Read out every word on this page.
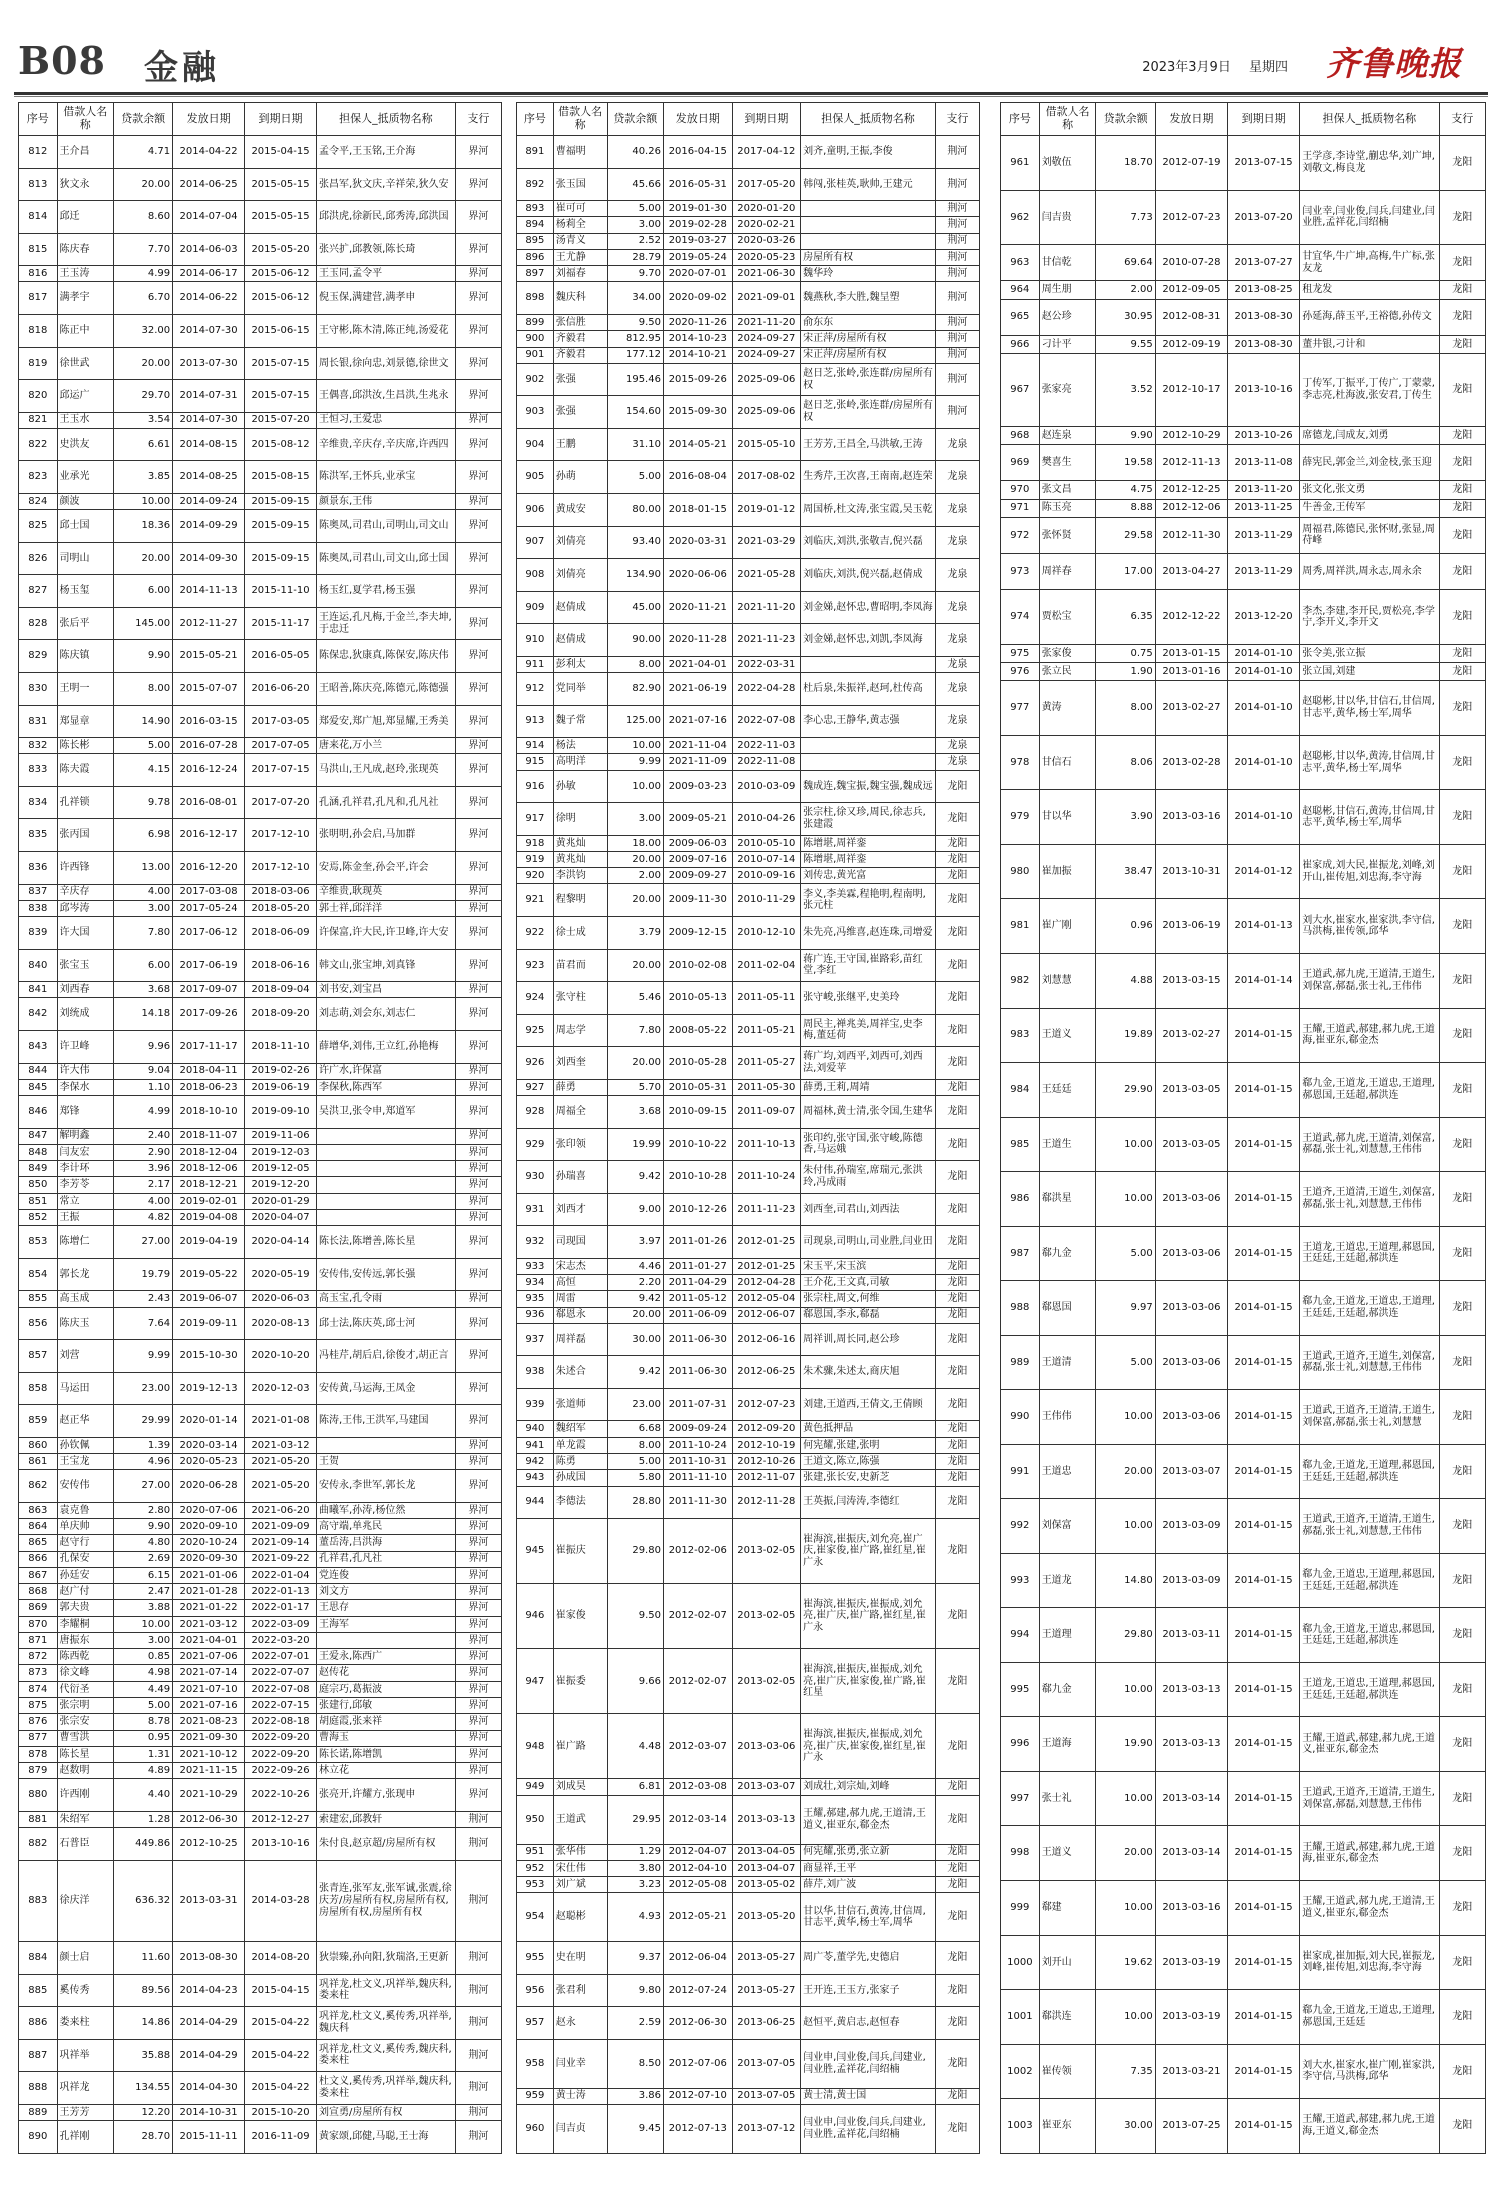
B08 金融	2023年3月9日 星期四 齐鲁晚报
序号	借款人名称	贷款余额	发放日期	到期日期	担保人_抵质物名称	支行
812	王介昌	4.71	2014-04-22	2015-04-15	孟令平,王玉铭,王介海	界河
813	狄文永	20.00	2014-06-25	2015-05-15	张昌军,狄文庆,辛祥荣,狄久安	界河
814	邱迁	8.60	2014-07-04	2015-05-15	邱洪虎,徐新民,邱秀涛,邱洪国	界河
815	陈庆春	7.70	2014-06-03	2015-05-20	张兴扩,邱教领,陈长琦	界河
816	王玉涛	4.99	2014-06-17	2015-06-12	王玉同,孟令平	界河
817	满孝宇	6.70	2014-06-22	2015-06-12	倪玉保,满建营,满孝申	界河
818	陈正中	32.00	2014-07-30	2015-06-15	王守彬,陈木清,陈正纯,汤爱花	界河
819	徐世武	20.00	2013-07-30	2015-07-15	周长银,徐向忠,刘景德,徐世文	界河
820	邱运广	29.70	2014-07-31	2015-07-15	王偶喜,邱洪汝,生昌洪,生兆永	界河
821	王玉水	3.54	2014-07-30	2015-07-20	王恒习,王爱忠	界河
822	史洪友	6.61	2014-08-15	2015-08-12	辛维贵,辛庆存,辛庆席,许西四	界河
823	业承光	3.85	2014-08-25	2015-08-15	陈洪军,王怀兵,业承宝	界河
824	颜波	10.00	2014-09-24	2015-09-15	颜景东,王伟	界河
825	邱士国	18.36	2014-09-29	2015-09-15	陈奥凤,司君山,司明山,司文山	界河
826	司明山	20.00	2014-09-30	2015-09-15	陈奥凤,司君山,司文山,邱士国	界河
827	杨玉玺	6.00	2014-11-13	2015-11-10	杨玉红,夏学君,杨玉强	界河
828	张后平	145.00	2012-11-27	2015-11-17	王连运,孔凡梅,于金兰,李夫坤,于忠迁	界河
829	陈庆镇	9.90	2015-05-21	2016-05-05	陈保忠,狄康真,陈保安,陈庆伟	界河
830	王明一	8.00	2015-07-07	2016-06-20	王昭善,陈庆亮,陈德元,陈德强	界河
831	郑显章	14.90	2016-03-15	2017-03-05	郑爱安,郑广旭,郑显耀,王秀美	界河
832	陈长彬	5.00	2016-07-28	2017-07-05	唐来花,万小兰	界河
833	陈夫霞	4.15	2016-12-24	2017-07-15	马洪山,王凡成,赵玲,张现英	界河
834	孔祥锁	9.78	2016-08-01	2017-07-20	孔涵,孔祥君,孔凡和,孔凡社	界河
835	张丙国	6.98	2016-12-17	2017-12-10	张明明,孙会启,马加群	界河
836	许西锋	13.00	2016-12-20	2017-12-10	安焉,陈金奎,孙会平,许会	界河
837	辛庆存	4.00	2017-03-08	2018-03-06	辛维贵,耿现英	界河
838	邱岑涛	3.00	2017-05-24	2018-05-20	郭士祥,邱洋洋	界河
839	许大国	7.80	2017-06-12	2018-06-09	许保富,许大民,许卫峰,许大安	界河
840	张宝玉	6.00	2017-06-19	2018-06-16	韩文山,张宝坤,刘真锋	界河
841	刘西春	3.68	2017-09-07	2018-09-04	刘书安,刘宝昌	界河
842	刘统成	14.18	2017-09-26	2018-09-20	刘志萌,刘会东,刘志仁	界河
843	许卫峰	9.96	2017-11-17	2018-11-10	薛增华,刘伟,王立红,孙艳梅	界河
844	许大伟	9.04	2018-04-11	2019-02-26	许广水,许保富	界河
845	李保水	1.10	2018-06-23	2019-06-19	李保秋,陈西军	界河
846	郑锋	4.99	2018-10-10	2019-09-10	吴洪卫,张令申,郑道军	界河
847	解明鑫	2.40	2018-11-07	2019-11-06		界河
848	闫友宏	2.90	2018-12-04	2019-12-03		界河
849	李计环	3.96	2018-12-06	2019-12-05		界河
850	李芳苓	2.17	2018-12-21	2019-12-20		界河
851	常立	4.00	2019-02-01	2020-01-29		界河
852	王振	4.82	2019-04-08	2020-04-07		界河
853	陈增仁	27.00	2019-04-19	2020-04-14	陈长法,陈增善,陈长星	界河
854	郭长龙	19.79	2019-05-22	2020-05-19	安传伟,安传远,郭长强	界河
855	高玉成	2.43	2019-06-07	2020-06-03	高玉宝,孔令雨	界河
856	陈庆玉	7.64	2019-09-11	2020-08-13	邱士法,陈庆英,邱士河	界河
857	刘营	9.99	2015-10-30	2020-10-20	冯桂芹,胡后启,徐俊才,胡正言	界河
858	马运田	23.00	2019-12-13	2020-12-03	安传黄,马运海,王凤金	界河
859	赵正华	29.99	2020-01-14	2021-01-08	陈涛,王伟,王洪军,马建国	界河
860	孙钦佩	1.39	2020-03-14	2021-03-12		界河
861	王宝龙	4.96	2020-05-23	2021-05-20	王贺	界河
862	安传伟	27.00	2020-06-28	2021-05-20	安传永,李世军,郭长龙	界河
863	袁克鲁	2.80	2020-07-06	2021-06-20	曲曦军,孙涛,杨位然	界河
864	单庆帅	9.90	2020-09-10	2021-09-09	高守端,单兆民	界河
865	赵守行	4.80	2020-10-24	2021-09-14	董岳涛,吕洪海	界河
866	孔保安	2.69	2020-09-30	2021-09-22	孔祥君,孔凡社	界河
867	孙廷安	6.15	2021-01-06	2022-01-04	党连俊	界河
868	赵广付	2.47	2021-01-28	2022-01-13	刘文方	界河
869	郭夫贵	3.88	2021-01-22	2022-01-17	王思存	界河
870	李耀桐	10.00	2021-03-12	2022-03-09	王海军	界河
871	唐振东	3.00	2021-04-01	2022-03-20		界河
872	陈西乾	0.85	2021-07-06	2022-07-01	王爱永,陈西广	界河
873	徐文峰	4.98	2021-07-14	2022-07-07	赵传花	界河
874	代衍圣	4.49	2021-07-10	2022-07-08	庭宗巧,葛振波	界河
875	张宗明	5.00	2021-07-16	2022-07-15	张建行,邱敏	界河
876	张宗安	8.78	2021-08-23	2022-08-18	胡庭霞,张来祥	界河
877	曹雪洪	0.95	2021-09-30	2022-09-20	曹海玉	界河
878	陈长星	1.31	2021-10-12	2022-09-20	陈长诺,陈增凯	界河
879	赵数明	4.89	2021-11-15	2022-09-26	林立花	界河
880	许西刚	4.40	2021-10-29	2022-10-26	张亮开,许耀方,张现申	界河
881	朱绍军	1.28	2012-06-30	2012-12-27	索建宏,邱教轩	荆河
882	石普臣	449.86	2012-10-25	2013-10-16	朱付良,赵京超/房屋所有权	荆河
883	徐庆洋	636.32	2013-03-31	2014-03-28	张青连,张军友,张军诚,张震,徐庆芳/房屋所有权,房屋所有权,房屋所有权,房屋所有权	荆河
884	颜士启	11.60	2013-08-30	2014-08-20	狄崇臻,孙向阳,狄瑞洛,王更新	荆河
885	奚传秀	89.56	2014-04-23	2015-04-15	巩祥龙,杜文义,巩祥举,魏庆科,娄来柱	荆河
886	娄来柱	14.86	2014-04-29	2015-04-22	巩祥龙,杜文义,奚传秀,巩祥举,魏庆科	荆河
887	巩祥举	35.88	2014-04-29	2015-04-22	巩祥龙,杜文义,奚传秀,魏庆科,娄来柱	荆河
888	巩祥龙	134.55	2014-04-30	2015-04-22	杜文义,奚传秀,巩祥举,魏庆科,娄来柱	荆河
889	王芳芳	12.20	2014-10-31	2015-10-20	刘宣勇/房屋所有权	荆河
890	孔祥刚	28.70	2015-11-11	2016-11-09	黄家颂,邱健,马聪,王士海	荆河
序号	借款人名称	贷款余额	发放日期	到期日期	担保人_抵质物名称	支行
891	曹福明	40.26	2016-04-15	2017-04-12	刘齐,童明,王振,李俊	荆河
892	张玉国	45.66	2016-05-31	2017-05-20	韩闯,张桂英,耿帅,王建元	荆河
893	崔可可	5.00	2019-01-30	2020-01-20		荆河
894	杨莉全	3.00	2019-02-28	2020-02-21		荆河
895	汤青义	2.52	2019-03-27	2020-03-26		荆河
896	王尤静	28.79	2019-05-24	2020-05-23	房屋所有权	荆河
897	刘福春	9.70	2020-07-01	2021-06-30	魏华玲	荆河
898	魏庆科	34.00	2020-09-02	2021-09-01	魏燕秋,李大胜,魏呈塑	荆河
899	张信胜	9.50	2020-11-26	2021-11-20	俞东东	荆河
900	齐毅君	812.95	2014-10-23	2024-09-27	宋正萍/房屋所有权	荆河
901	齐毅君	177.12	2014-10-21	2024-09-27	宋正萍/房屋所有权	荆河
902	张强	195.46	2015-09-26	2025-09-06	赵日芝,张岭,张连群/房屋所有权	荆河
903	张强	154.60	2015-09-30	2025-09-06	赵日芝,张岭,张连群/房屋所有权	荆河
904	王鹏	31.10	2014-05-21	2015-05-10	王芳芳,王昌全,马洪敏,王涛	龙泉
905	孙萌	5.00	2016-08-04	2017-08-02	生秀芹,王次喜,王南南,赵连荣	龙泉
906	黄成安	80.00	2018-01-15	2019-01-12	周国桥,杜文涛,张宝霞,吴玉乾	龙泉
907	刘倩亮	93.40	2020-03-31	2021-03-29	刘临庆,刘洪,张敬吉,倪兴磊	龙泉
908	刘倩亮	134.90	2020-06-06	2021-05-28	刘临庆,刘洪,倪兴磊,赵倩成	龙泉
909	赵倩成	45.00	2020-11-21	2021-11-20	刘金娣,赵怀忠,曹昭明,李凤海	龙泉
910	赵倩成	90.00	2020-11-28	2021-11-23	刘金娣,赵怀忠,刘凯,李凤海	龙泉
911	彭利太	8.00	2021-04-01	2022-03-31		龙泉
912	党同举	82.90	2021-06-19	2022-04-28	杜后泉,朱振祥,赵珂,杜传高	龙泉
913	魏子常	125.00	2021-07-16	2022-07-08	李心忠,王静华,黄志强	龙泉
914	杨法	10.00	2021-11-04	2022-11-03		龙泉
915	高明洋	9.99	2021-11-09	2022-11-08		龙泉
916	孙敏	10.00	2009-03-23	2010-03-09	魏成连,魏宝振,魏宝强,魏成远	龙阳
917	徐明	3.00	2009-05-21	2010-04-26	张宗柱,徐又珍,周民,徐志兵,张建霞	龙阳
918	黄兆灿	18.00	2009-06-03	2010-05-10	陈增堪,周祥銮	龙阳
919	黄兆灿	20.00	2009-07-16	2010-07-14	陈增堪,周祥銮	龙阳
920	李洪钧	2.00	2009-09-27	2010-09-16	刘传忠,黄光富	龙阳
921	程黎明	20.00	2009-11-30	2010-11-29	李义,李美霖,程艳明,程南明,张元柱	龙阳
922	徐士成	3.79	2009-12-15	2010-12-10	朱先亮,冯维喜,赵连珠,司增爱	龙阳
923	苗君而	20.00	2010-02-08	2011-02-04	蒋广连,王守国,崔路彩,苗红堂,李红	龙阳
924	张守柱	5.46	2010-05-13	2011-05-11	张守峻,张继平,史美玲	龙阳
925	周志学	7.80	2008-05-22	2011-05-21	周民主,禅兆美,周祥宝,史李梅,董廷荷	龙阳
926	刘西奎	20.00	2010-05-28	2011-05-27	蒋广均,刘西平,刘西可,刘西法,刘爱苹	龙阳
927	薛勇	5.70	2010-05-31	2011-05-30	薛勇,王莉,周靖	龙阳
928	周福全	3.68	2010-09-15	2011-09-07	周福林,黄士清,张令国,生建华	龙阳
929	张印领	19.99	2010-10-22	2011-10-13	张印约,张守国,张守峻,陈德香,马运娥	龙阳
930	孙瑞喜	9.42	2010-10-28	2011-10-24	朱付伟,孙瑞室,席瑞元,张洪玲,冯成雨	龙阳
931	刘西才	9.00	2010-12-26	2011-11-23	刘西奎,司君山,刘西法	龙阳
932	司现国	3.97	2011-01-26	2012-01-25	司现泉,司明山,司业胜,闫业田	龙阳
933	宋志杰	4.46	2011-01-27	2012-01-25	宋玉平,宋玉滨	龙阳
934	高恒	2.20	2011-04-29	2012-04-28	王介花,王文真,司敏	龙阳
935	周雷	9.42	2011-05-12	2012-05-04	张宗柱,周文,何维	龙阳
936	郗恩永	20.00	2011-06-09	2012-06-07	郗恩国,李永,郗磊	龙阳
937	周祥磊	30.00	2011-06-30	2012-06-16	周祥训,周长同,赵公珍	龙阳
938	朱述合	9.42	2011-06-30	2012-06-25	朱术骤,朱述太,商庆旭	龙阳
939	张道师	23.00	2011-07-31	2012-07-23	刘建,王道西,王倩文,王倩顾	龙阳
940	魏绍军	6.68	2009-09-24	2012-09-20	黄色抵押品	龙阳
941	单龙霞	8.00	2011-10-24	2012-10-19	何宪耀,张建,张明	龙阳
942	陈勇	5.00	2011-10-31	2012-10-26	王道文,陈立,陈强	龙阳
943	孙成国	5.80	2011-11-10	2012-11-07	张建,张长安,史新芝	龙阳
944	李德法	28.80	2011-11-30	2012-11-28	王英振,闫涛涛,李德红	龙阳
945	崔振庆	29.80	2012-02-06	2013-02-05	崔海滨,崔振庆,刘允亮,崔广庆,崔家俊,崔广路,崔红星,崔广永	龙阳
946	崔家俊	9.50	2012-02-07	2013-02-05	崔海滨,崔振庆,崔振成,刘允亮,崔广庆,崔广路,崔红星,崔广永	龙阳
947	崔振委	9.66	2012-02-07	2013-02-05	崔海滨,崔振庆,崔振成,刘允亮,崔广庆,崔家俊,崔广路,崔红星	龙阳
948	崔广路	4.48	2012-03-07	2013-03-06	崔海滨,崔振庆,崔振成,刘允亮,崔广庆,崔家俊,崔红星,崔广永	龙阳
949	刘成昊	6.81	2012-03-08	2013-03-07	刘成壮,刘宗灿,刘峰	龙阳
950	王道武	29.95	2012-03-14	2013-03-13	王耀,郝建,郝九虎,王道清,王道义,崔亚东,郗金杰	龙阳
951	张华伟	1.29	2012-04-07	2013-04-05	何宪耀,张勇,张立新	龙阳
952	宋仕伟	3.80	2012-04-10	2013-04-07	商显祥,王平	龙阳
953	刘广斌	3.23	2012-05-08	2013-05-02	薛芹,刘广波	龙阳
954	赵聪彬	4.93	2012-05-21	2013-05-20	甘以华,甘信石,黄涛,甘信周,甘志平,黄华,杨士军,周华	龙阳
955	史在明	9.37	2012-06-04	2013-05-27	周广苓,董学先,史德启	龙阳
956	张君利	9.80	2012-07-24	2013-05-27	王开连,王玉方,张家子	龙阳
957	赵永	2.59	2012-06-30	2013-06-25	赵恒平,黄启志,赵恒春	龙阳
958	闫业幸	8.50	2012-07-06	2013-07-05	闫业申,闫业俊,闫兵,闫建业,闫业胜,孟祥花,闫绍楠	龙阳
959	黄士涛	3.86	2012-07-10	2013-07-05	黄士清,黄士国	龙阳
960	闫吉贞	9.45	2012-07-13	2013-07-12	闫业申,闫业俊,闫兵,闫建业,闫业胜,孟祥花,闫绍楠	龙阳
序号	借款人名称	贷款余额	发放日期	到期日期	担保人_抵质物名称	支行
961	刘敬伍	18.70	2012-07-19	2013-07-15	王学彦,李诗堂,蒯忠华,刘广坤,刘敬文,梅良龙	龙阳
962	闫吉贵	7.73	2012-07-23	2013-07-20	闫业幸,闫业俊,闫兵,闫建业,闫业胜,孟祥花,闫绍楠	龙阳
963	甘信乾	69.64	2010-07-28	2013-07-27	甘宜华,牛广坤,高梅,牛广标,张友龙	龙阳
964	周生朋	2.00	2012-09-05	2013-08-25	租龙发	龙阳
965	赵公珍	30.95	2012-08-31	2013-08-30	孙延海,薛玉平,王裕德,孙传文	龙阳
966	刁计平	9.55	2012-09-19	2013-08-30	董井银,刁计和	龙阳
967	张家亮	3.52	2012-10-17	2013-10-16	丁传军,丁振平,丁传广,丁蒙蒙,李志亮,杜海波,张安君,丁传生	龙阳
968	赵连泉	9.90	2012-10-29	2013-10-26	席德龙,闫成友,刘勇	龙阳
969	樊喜生	19.58	2012-11-13	2013-11-08	薛宪民,郭金兰,刘金枝,张玉迎	龙阳
970	张文昌	4.75	2012-12-25	2013-11-20	张文化,张文勇	龙阳
971	陈玉亮	8.88	2012-12-06	2013-11-25	牛善金,王传军	龙阳
972	张怀贤	29.58	2012-11-30	2013-11-29	周福君,陈德民,张怀财,张显,周苻峰	龙阳
973	周祥春	17.00	2013-04-27	2013-11-29	周秀,周祥洪,周永志,周永余	龙阳
974	贾松宝	6.35	2012-12-22	2013-12-20	李杰,李建,李开民,贾松亮,李学宁,李开义,李开文	龙阳
975	张家俊	0.75	2013-01-15	2014-01-10	张令美,张立振	龙阳
976	张立民	1.90	2013-01-16	2014-01-10	张立国,刘建	龙阳
977	黄涛	8.00	2013-02-27	2014-01-10	赵聪彬,甘以华,甘信石,甘信周,甘志平,黄华,杨士军,周华	龙阳
978	甘信石	8.06	2013-02-28	2014-01-10	赵聪彬,甘以华,黄涛,甘信周,甘志平,黄华,杨士军,周华	龙阳
979	甘以华	3.90	2013-03-16	2014-01-10	赵聪彬,甘信石,黄涛,甘信周,甘志平,黄华,杨士军,周华	龙阳
980	崔加振	38.47	2013-10-31	2014-01-12	崔家成,刘大民,崔振龙,刘峰,刘开山,崔传旭,刘忠海,李守海	龙阳
981	崔广刚	0.96	2013-06-19	2014-01-13	刘大水,崔家水,崔家洪,李守信,马洪梅,崔传领,邱华	龙阳
982	刘慧慧	4.88	2013-03-15	2014-01-14	王道武,郝九虎,王道清,王道生,刘保富,郝磊,张士礼,王伟伟	龙阳
983	王道义	19.89	2013-02-27	2014-01-15	王耀,王道武,郝建,郝九虎,王道海,崔亚东,郗金杰	龙阳
984	王廷廷	29.90	2013-03-05	2014-01-15	郗九金,王道龙,王道忠,王道理,郝恩国,王廷超,郝洪连	龙阳
985	王道生	10.00	2013-03-05	2014-01-15	王道武,郝九虎,王道清,刘保富,郝磊,张士礼,刘慧慧,王伟伟	龙阳
986	郗洪星	10.00	2013-03-06	2014-01-15	王道齐,王道清,王道生,刘保富,郝磊,张士礼,刘慧慧,王伟伟	龙阳
987	郗九金	5.00	2013-03-06	2014-01-15	王道龙,王道忠,王道理,郝恩国,王廷廷,王廷超,郝洪连	龙阳
988	郗恩国	9.97	2013-03-06	2014-01-15	郗九金,王道龙,王道忠,王道理,王廷廷,王廷超,郝洪连	龙阳
989	王道清	5.00	2013-03-06	2014-01-15	王道武,王道齐,王道生,刘保富,郝磊,张士礼,刘慧慧,王伟伟	龙阳
990	王伟伟	10.00	2013-03-06	2014-01-15	王道武,王道齐,王道清,王道生,刘保富,郝磊,张士礼,刘慧慧	龙阳
991	王道忠	20.00	2013-03-07	2014-01-15	郗九金,王道龙,王道理,郝恩国,王廷廷,王廷超,郝洪连	龙阳
992	刘保富	10.00	2013-03-09	2014-01-15	王道武,王道齐,王道清,王道生,郝磊,张士礼,刘慧慧,王伟伟	龙阳
993	王道龙	14.80	2013-03-09	2014-01-15	郗九金,王道忠,王道理,郝恩国,王廷廷,王廷超,郝洪连	龙阳
994	王道理	29.80	2013-03-11	2014-01-15	郗九金,王道龙,王道忠,郝恩国,王廷廷,王廷超,郝洪连	龙阳
995	郗九金	10.00	2013-03-13	2014-01-15	王道龙,王道忠,王道理,郝恩国,王廷廷,王廷超,郝洪连	龙阳
996	王道海	19.90	2013-03-13	2014-01-15	王耀,王道武,郝建,郝九虎,王道义,崔亚东,郗金杰	龙阳
997	张士礼	10.00	2013-03-14	2014-01-15	王道武,王道齐,王道清,王道生,刘保富,郝磊,刘慧慧,王伟伟	龙阳
998	王道义	20.00	2013-03-14	2014-01-15	王耀,王道武,郝建,郝九虎,王道海,崔亚东,郗金杰	龙阳
999	郗建	10.00	2013-03-16	2014-01-15	王耀,王道武,郝九虎,王道清,王道义,崔亚东,郗金杰	龙阳
1000	刘开山	19.62	2013-03-19	2014-01-15	崔家成,崔加振,刘大民,崔振龙,刘峰,崔传旭,刘忠海,李守海	龙阳
1001	郗洪连	10.00	2013-03-19	2014-01-15	郗九金,王道龙,王道忠,王道理,郝恩国,王廷廷	龙阳
1002	崔传领	7.35	2013-03-21	2014-01-15	刘大水,崔家水,崔广刚,崔家洪,李守信,马洪梅,邱华	龙阳
1003	崔亚东	30.00	2013-07-25	2014-01-15	王耀,王道武,郝建,郝九虎,王道海,王道义,郗金杰	龙阳
